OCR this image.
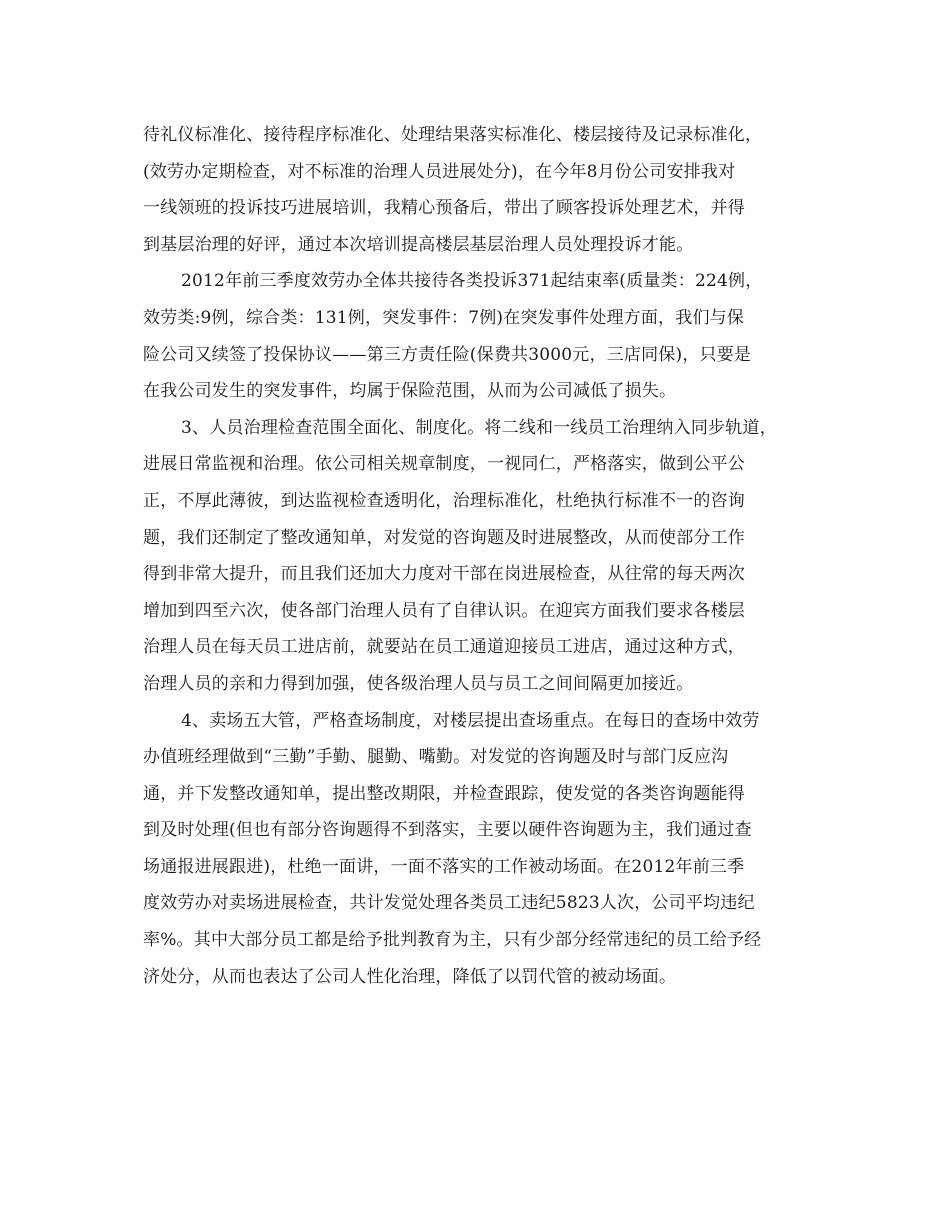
待礼仪标准化、接待程序标准化、处理结果落实标准化、楼层接待及记录标准化，
(效劳办定期检查，对不标准的治理人员进展处分)，在今年8月份公司安排我对
一线领班的投诉技巧进展培训，我精心预备后，带出了顾客投诉处理艺术，并得
到基层治理的好评，通过本次培训提高楼层基层治理人员处理投诉才能。
2012年前三季度效劳办全体共接待各类投诉371起结束率(质量类：224例，
效劳类:9例，综合类：131例，突发事件：7例)在突发事件处理方面，我们与保
险公司又续签了投保协议——第三方责任险(保费共3000元，三店同保)，只要是
在我公司发生的突发事件，均属于保险范围，从而为公司减低了损失。
3、人员治理检查范围全面化、制度化。将二线和一线员工治理纳入同步轨道，
进展日常监视和治理。依公司相关规章制度，一视同仁，严格落实，做到公平公
正，不厚此薄彼，到达监视检查透明化，治理标准化，杜绝执行标准不一的咨询
题，我们还制定了整改通知单，对发觉的咨询题及时进展整改，从而使部分工作
得到非常大提升，而且我们还加大力度对干部在岗进展检查，从往常的每天两次
增加到四至六次，使各部门治理人员有了自律认识。在迎宾方面我们要求各楼层
治理人员在每天员工进店前，就要站在员工通道迎接员工进店，通过这种方式，
治理人员的亲和力得到加强，使各级治理人员与员工之间间隔更加接近。
4、卖场五大管，严格查场制度，对楼层提出查场重点。在每日的查场中效劳
办值班经理做到“三勤”手勤、腿勤、嘴勤。对发觉的咨询题及时与部门反应沟
通，并下发整改通知单，提出整改期限，并检查跟踪，使发觉的各类咨询题能得
到及时处理(但也有部分咨询题得不到落实，主要以硬件咨询题为主，我们通过查
场通报进展跟进)，杜绝一面讲，一面不落实的工作被动场面。在2012年前三季
度效劳办对卖场进展检查，共计发觉处理各类员工违纪5823人次，公司平均违纪
率%。其中大部分员工都是给予批判教育为主，只有少部分经常违纪的员工给予经
济处分，从而也表达了公司人性化治理，降低了以罚代管的被动场面。
